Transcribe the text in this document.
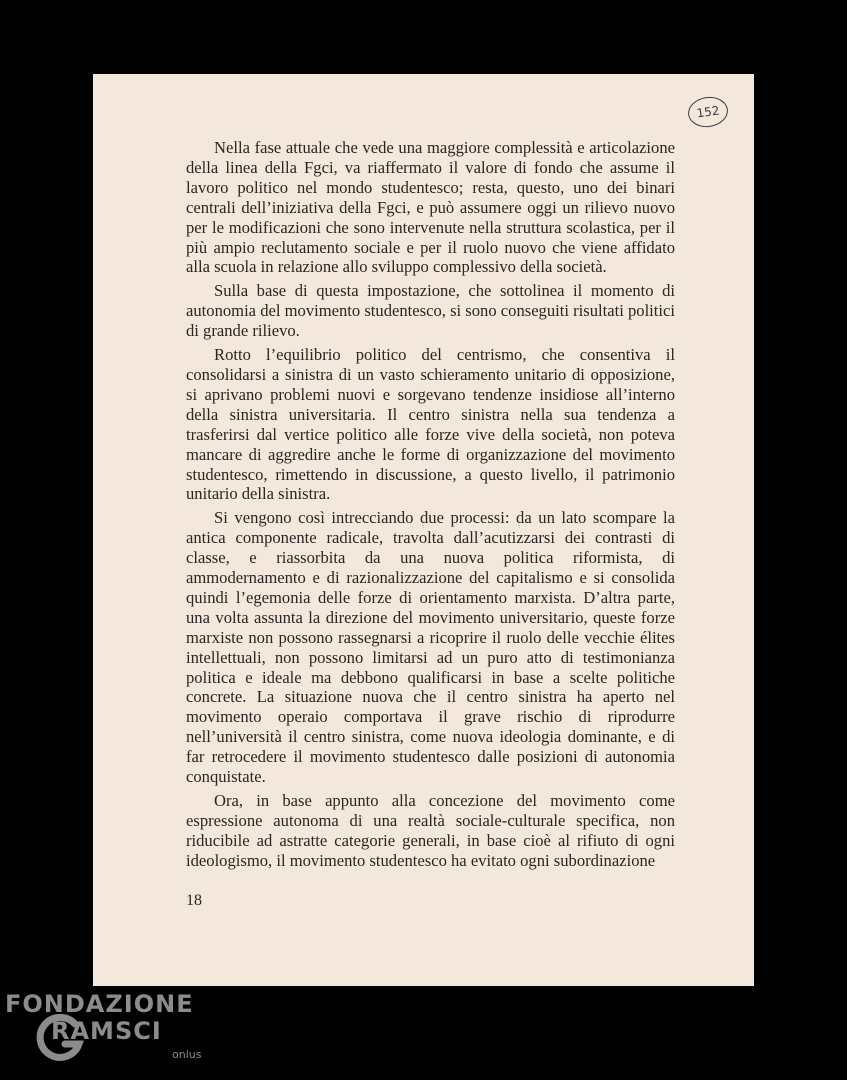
152

Nella fase attuale che vede una maggiore complessità e articolazione della linea della Fgci, va riaffermato il valore di fondo che assume il lavoro politico nel mondo studentesco; resta, questo, uno dei binari centrali dell’iniziativa della Fgci, e può assumere oggi un rilievo nuovo per le modificazioni che sono intervenute nella struttura scolastica, per il più ampio reclutamento sociale e per il ruolo nuovo che viene affidato alla scuola in relazione allo sviluppo complessivo della società.

Sulla base di questa impostazione, che sottolinea il momento di autonomia del movimento studentesco, si sono conseguiti risultati politici di grande rilievo.

Rotto l’equilibrio politico del centrismo, che consentiva il consolidarsi a sinistra di un vasto schieramento unitario di opposizione, si aprivano problemi nuovi e sorgevano tendenze insidiose all’interno della sinistra universitaria. Il centro sinistra nella sua tendenza a trasferirsi dal vertice politico alle forze vive della società, non poteva mancare di aggredire anche le forme di organizzazione del movimento studentesco, rimettendo in discussione, a questo livello, il patrimonio unitario della sinistra.

Si vengono così intrecciando due processi: da un lato scompare la antica componente radicale, travolta dall’acutizzarsi dei contrasti di classe, e riassorbita da una nuova politica riformista, di ammodernamento e di razionalizzazione del capitalismo e si consolida quindi l’egemonia delle forze di orientamento marxista. D’altra parte, una volta assunta la direzione del movimento universitario, queste forze marxiste non possono rassegnarsi a ricoprire il ruolo delle vecchie élites intellettuali, non possono limitarsi ad un puro atto di testimonianza politica e ideale ma debbono qualificarsi in base a scelte politiche concrete. La situazione nuova che il centro sinistra ha aperto nel movimento operaio comportava il grave rischio di riprodurre nell’università il centro sinistra, come nuova ideologia dominante, e di far retrocedere il movimento studentesco dalle posizioni di autonomia conquistate.

Ora, in base appunto alla concezione del movimento come espressione autonoma di una realtà sociale-culturale specifica, non riducibile ad astratte categorie generali, in base cioè al rifiuto di ogni ideologismo, il movimento studentesco ha evitato ogni subordinazione

18
FONDAZIONE
RAMSCI
onlus
